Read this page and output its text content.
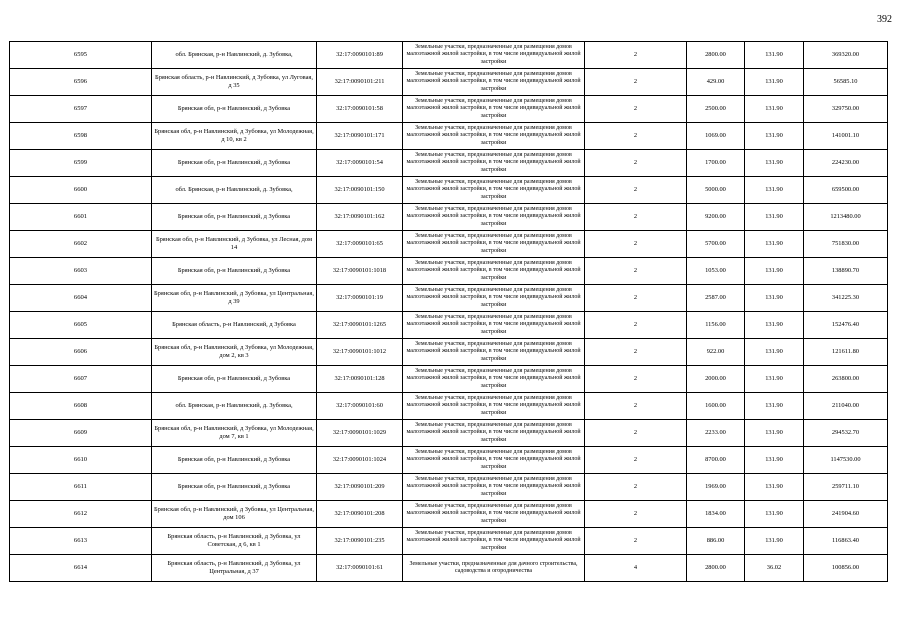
392
6595	обл. Брянская, р-н Навлинский, д. Зубовка,	32:17:0090101:89	Земельные участки, предназначенные для размещения домов малоэтажной жилой застройки, в том числе индивидуальной жилой застройки	2	2800.00	131.90	369320.00
6596	Брянская область, р-н Навлинский, д Зубовка, ул Луговая, д 35	32:17:0090101:211	Земельные участки, предназначенные для размещения домов малоэтажной жилой застройки, в том числе индивидуальной жилой застройки	2	429.00	131.90	56585.10
6597	Брянская обл, р-н Навлинский, д Зубовка	32:17:0090101:58	Земельные участки, предназначенные для размещения домов малоэтажной жилой застройки, в том числе индивидуальной жилой застройки	2	2500.00	131.90	329750.00
6598	Брянская обл, р-н Навлинский, д Зубовка, ул Молодежная, д 10, кв 2	32:17:0090101:171	Земельные участки, предназначенные для размещения домов малоэтажной жилой застройки, в том числе индивидуальной жилой застройки	2	1069.00	131.90	141001.10
6599	Брянская обл, р-н Навлинский, д Зубовка	32:17:0090101:54	Земельные участки, предназначенные для размещения домов малоэтажной жилой застройки, в том числе индивидуальной жилой застройки	2	1700.00	131.90	224230.00
6600	обл. Брянская, р-н Навлинский, д. Зубовка,	32:17:0090101:150	Земельные участки, предназначенные для размещения домов малоэтажной жилой застройки, в том числе индивидуальной жилой застройки	2	5000.00	131.90	659500.00
6601	Брянская обл, р-н Навлинский, д Зубовка	32:17:0090101:162	Земельные участки, предназначенные для размещения домов малоэтажной жилой застройки, в том числе индивидуальной жилой застройки	2	9200.00	131.90	1213480.00
6602	Брянская обл, р-н Навлинский, д Зубовка, ул Лесная, дом 14	32:17:0090101:65	Земельные участки, предназначенные для размещения домов малоэтажной жилой застройки, в том числе индивидуальной жилой застройки	2	5700.00	131.90	751830.00
6603	Брянская обл, р-н Навлинский, д Зубовка	32:17:0090101:1018	Земельные участки, предназначенные для размещения домов малоэтажной жилой застройки, в том числе индивидуальной жилой застройки	2	1053.00	131.90	138890.70
6604	Брянская обл, р-н Навлинский, д Зубовка, ул Центральная, д 39	32:17:0090101:19	Земельные участки, предназначенные для размещения домов малоэтажной жилой застройки, в том числе индивидуальной жилой застройки	2	2587.00	131.90	341225.30
6605	Брянская область, р-н Навлинский, д Зубовка	32:17:0090101:1265	Земельные участки, предназначенные для размещения домов малоэтажной жилой застройки, в том числе индивидуальной жилой застройки	2	1156.00	131.90	152476.40
6606	Брянская обл, р-н Навлинский, д Зубовка, ул Молодежная, дом 2, кв 3	32:17:0090101:1012	Земельные участки, предназначенные для размещения домов малоэтажной жилой застройки, в том числе индивидуальной жилой застройки	2	922.00	131.90	121611.80
6607	Брянская обл, р-н Навлинский, д Зубовка	32:17:0090101:128	Земельные участки, предназначенные для размещения домов малоэтажной жилой застройки, в том числе индивидуальной жилой застройки	2	2000.00	131.90	263800.00
6608	обл. Брянская, р-н Навлинский, д. Зубовка,	32:17:0090101:60	Земельные участки, предназначенные для размещения домов малоэтажной жилой застройки, в том числе индивидуальной жилой застройки	2	1600.00	131.90	211040.00
6609	Брянская обл, р-н Навлинский, д Зубовка, ул Молодежная, дом 7, кв 1	32:17:0090101:1029	Земельные участки, предназначенные для размещения домов малоэтажной жилой застройки, в том числе индивидуальной жилой застройки	2	2233.00	131.90	294532.70
6610	Брянская обл, р-н Навлинский, д Зубовка	32:17:0090101:1024	Земельные участки, предназначенные для размещения домов малоэтажной жилой застройки, в том числе индивидуальной жилой застройки	2	8700.00	131.90	1147530.00
6611	Брянская обл, р-н Навлинский, д Зубовка	32:17:0090101:209	Земельные участки, предназначенные для размещения домов малоэтажной жилой застройки, в том числе индивидуальной жилой застройки	2	1969.00	131.90	259711.10
6612	Брянская обл, р-н Навлинский, д Зубовка, ул Центральная, дом 106	32:17:0090101:208	Земельные участки, предназначенные для размещения домов малоэтажной жилой застройки, в том числе индивидуальной жилой застройки	2	1834.00	131.90	241904.60
6613	Брянская область, р-н Навлинский, д Зубовка, ул Советская, д 6, кв 1	32:17:0090101:235	Земельные участки, предназначенные для размещения домов малоэтажной жилой застройки, в том числе индивидуальной жилой застройки	2	886.00	131.90	116863.40
6614	Брянская область, р-н Навлинский, д Зубовка, ул Центральная, д 37	32:17:0090101:61	Земельные участки, предназначенные для дачного строительства, садоводства и огородничества	4	2800.00	36.02	100856.00
